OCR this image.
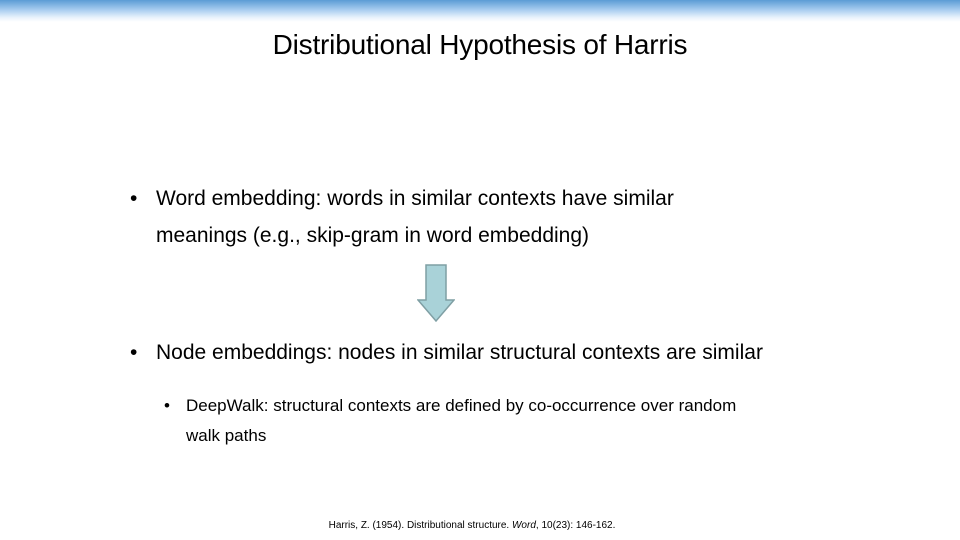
Distributional Hypothesis of Harris
• Word embedding: words in similar contexts have similar
meanings (e.g., skip-gram in word embedding)
• Node embeddings: nodes in similar structural contexts are similar
• DeepWalk: structural contexts are defined by co-occurrence over random
walk paths
Harris, Z. (1954). Distributional structure. Word, 10(23): 146-162.
